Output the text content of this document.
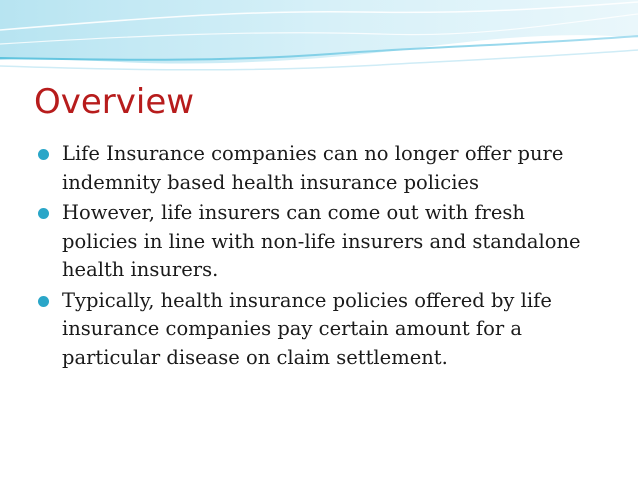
Overview
Life Insurance companies can no longer offer pure indemnity based health insurance policies
However, life insurers can come out with fresh policies in line with non-life insurers and standalone health insurers.
Typically, health insurance policies offered by life insurance companies pay certain amount for a particular disease on claim settlement.
